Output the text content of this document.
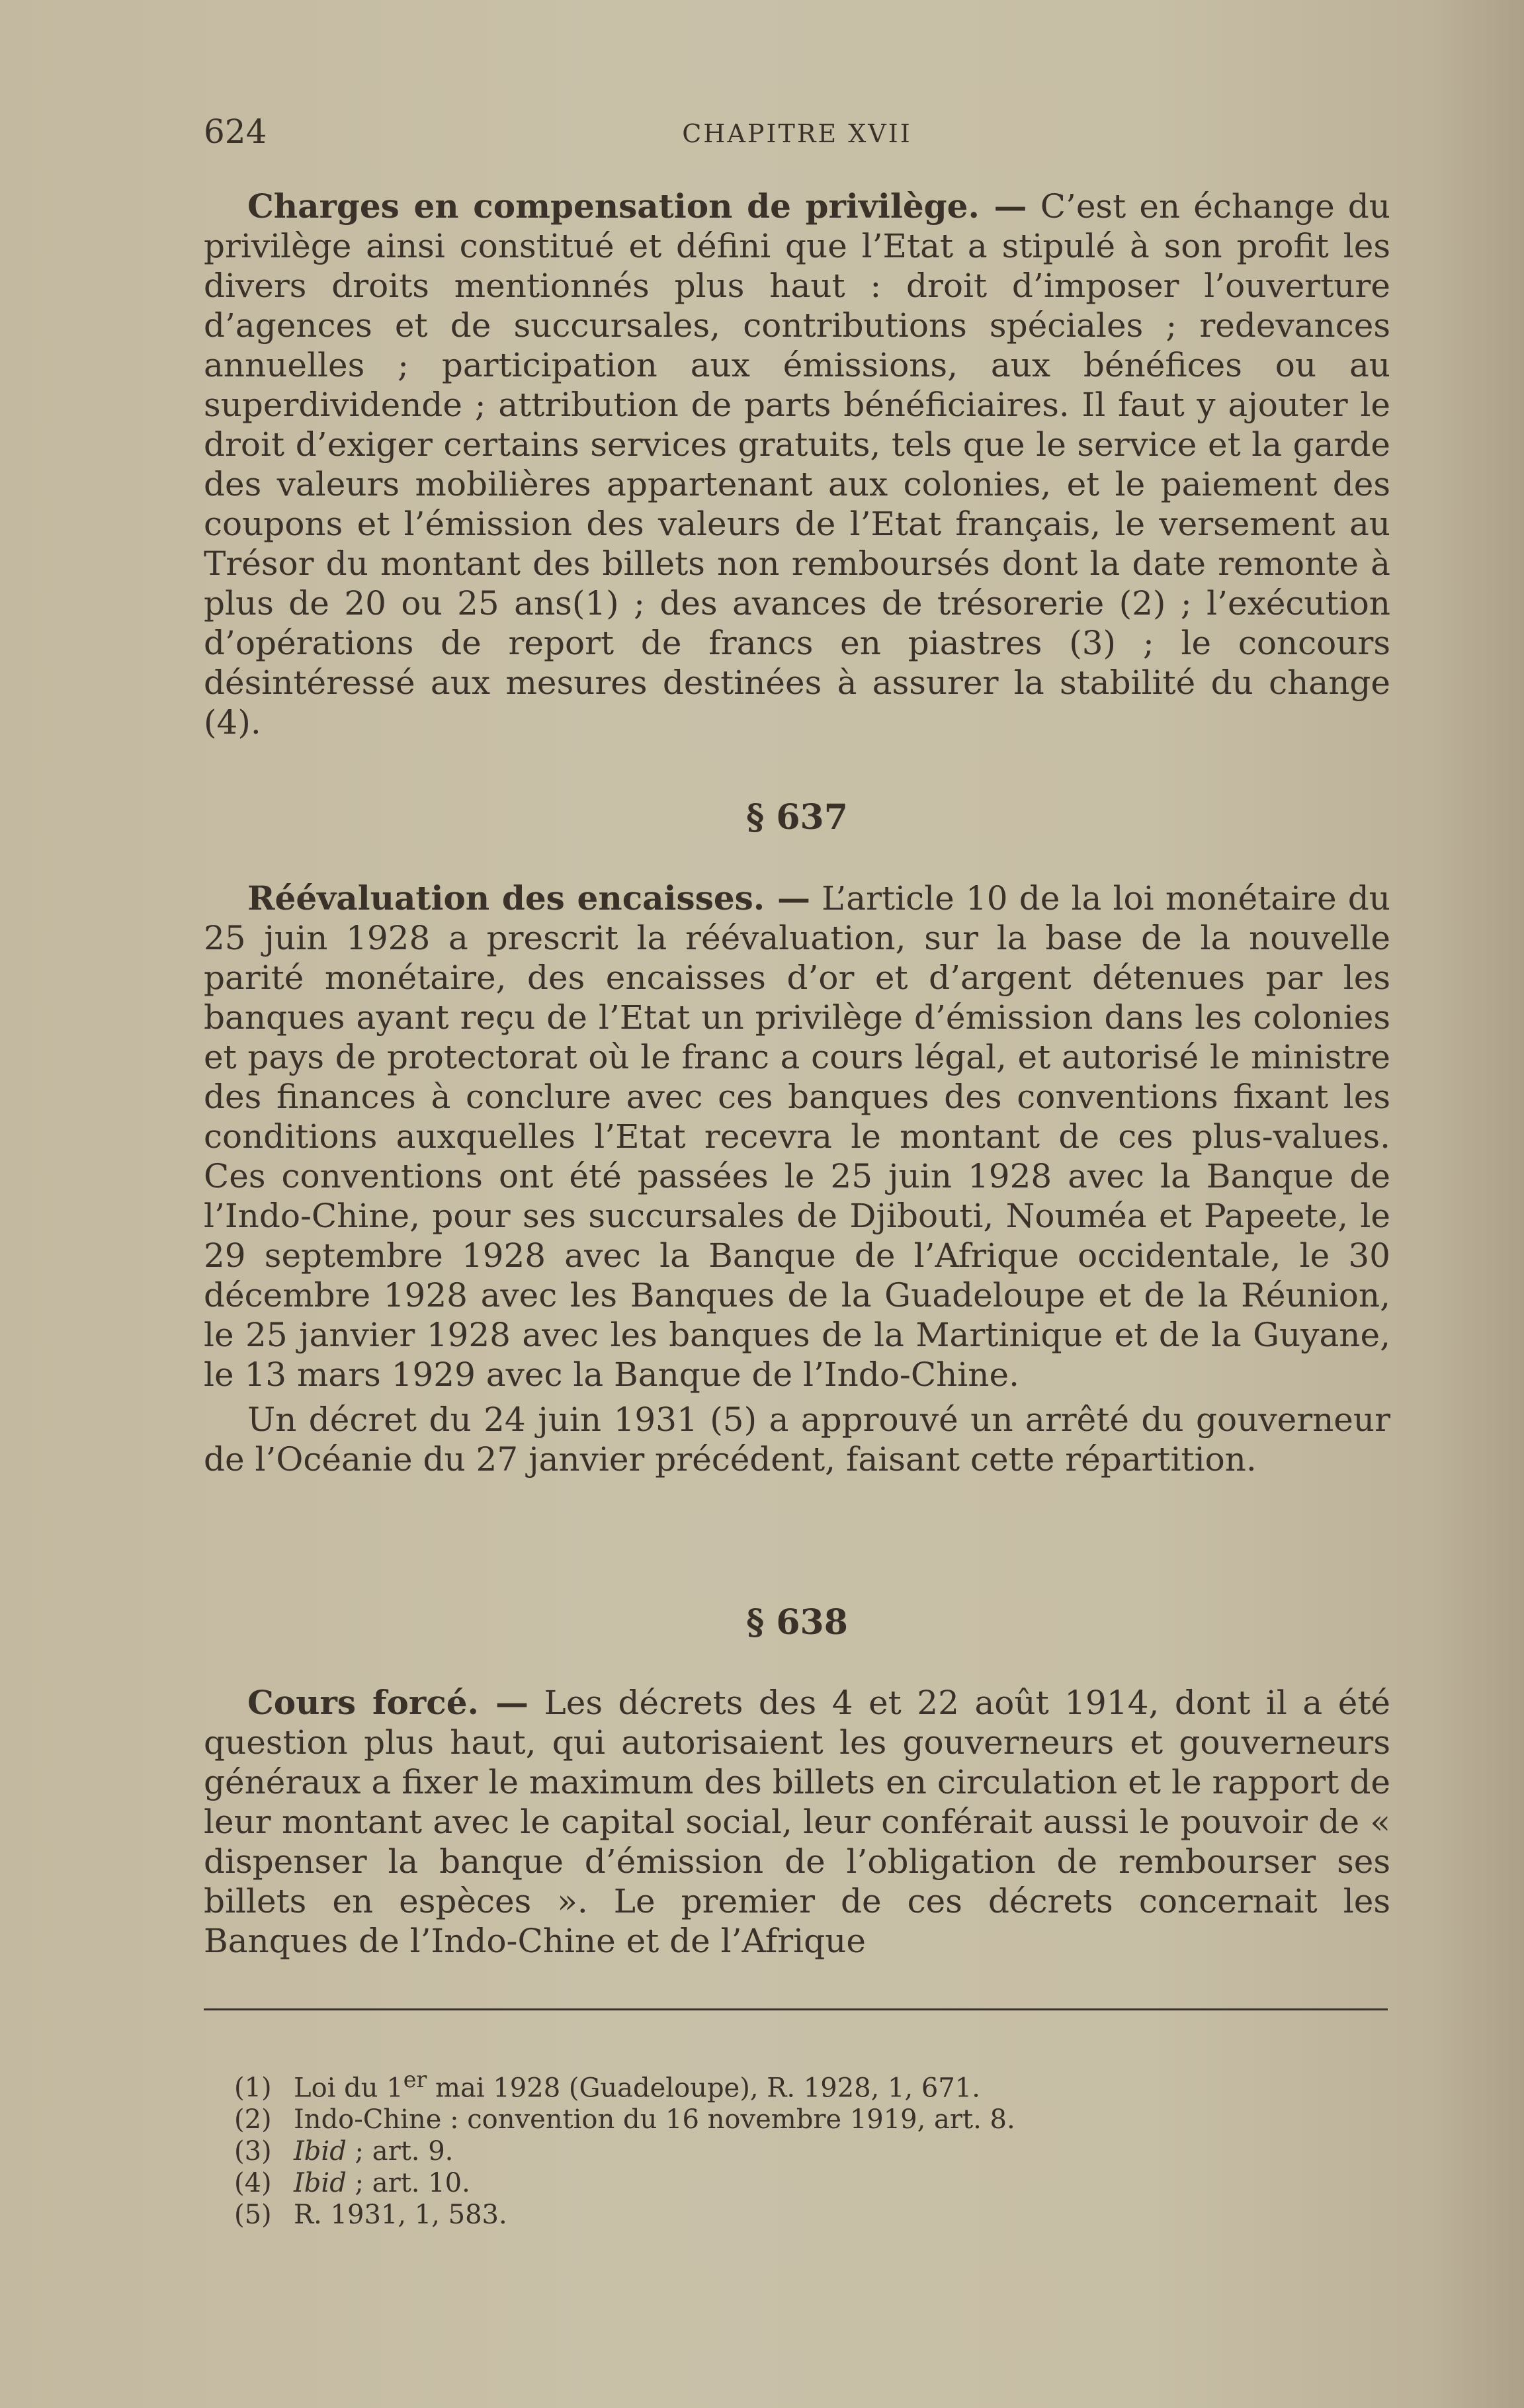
624	CHAPITRE XVII

Charges en compensation de privilège. — C’est en échange du privilège ainsi constitué et défini que l’Etat a stipulé à son profit les divers droits mentionnés plus haut : droit d’imposer l’ouverture d’agences et de succursales, contributions spéciales ; redevances annuelles ; participation aux émissions, aux bénéfices ou au superdividende ; attribution de parts bénéficiaires. Il faut y ajouter le droit d’exiger certains services gratuits, tels que le service et la garde des valeurs mobilières appartenant aux colonies, et le paiement des coupons et l’émission des valeurs de l’Etat français, le versement au Trésor du montant des billets non remboursés dont la date remonte à plus de 20 ou 25 ans(1) ; des avances de trésorerie (2) ; l’exécution d’opérations de report de francs en piastres (3) ; le concours désintéressé aux mesures destinées à assurer la stabilité du change (4).

§ 637

Réévaluation des encaisses. — L’article 10 de la loi monétaire du 25 juin 1928 a prescrit la réévaluation, sur la base de la nouvelle parité monétaire, des encaisses d’or et d’argent détenues par les banques ayant reçu de l’Etat un privilège d’émission dans les colonies et pays de protectorat où le franc a cours légal, et autorisé le ministre des finances à conclure avec ces banques des conventions fixant les conditions auxquelles l’Etat recevra le montant de ces plus-values. Ces conventions ont été passées le 25 juin 1928 avec la Banque de l’Indo-Chine, pour ses succursales de Djibouti, Nouméa et Papeete, le 29 septembre 1928 avec la Banque de l’Afrique occidentale, le 30 décembre 1928 avec les Banques de la Guadeloupe et de la Réunion, le 25 janvier 1928 avec les banques de la Martinique et de la Guyane, le 13 mars 1929 avec la Banque de l’Indo-Chine.

Un décret du 24 juin 1931 (5) a approuvé un arrêté du gouverneur de l’Océanie du 27 janvier précédent, faisant cette répartition.

§ 638

Cours forcé. — Les décrets des 4 et 22 août 1914, dont il a été question plus haut, qui autorisaient les gouverneurs et gouverneurs généraux a fixer le maximum des billets en circulation et le rapport de leur montant avec le capital social, leur conférait aussi le pouvoir de « dispenser la banque d’émission de l’obligation de rembourser ses billets en espèces ». Le premier de ces décrets concernait les Banques de l’Indo-Chine et de l’Afrique

(1) Loi du 1er mai 1928 (Guadeloupe), R. 1928, 1, 671.
(2) Indo-Chine : convention du 16 novembre 1919, art. 8.
(3) Ibid ; art. 9.
(4) Ibid ; art. 10.
(5) R. 1931, 1, 583.
